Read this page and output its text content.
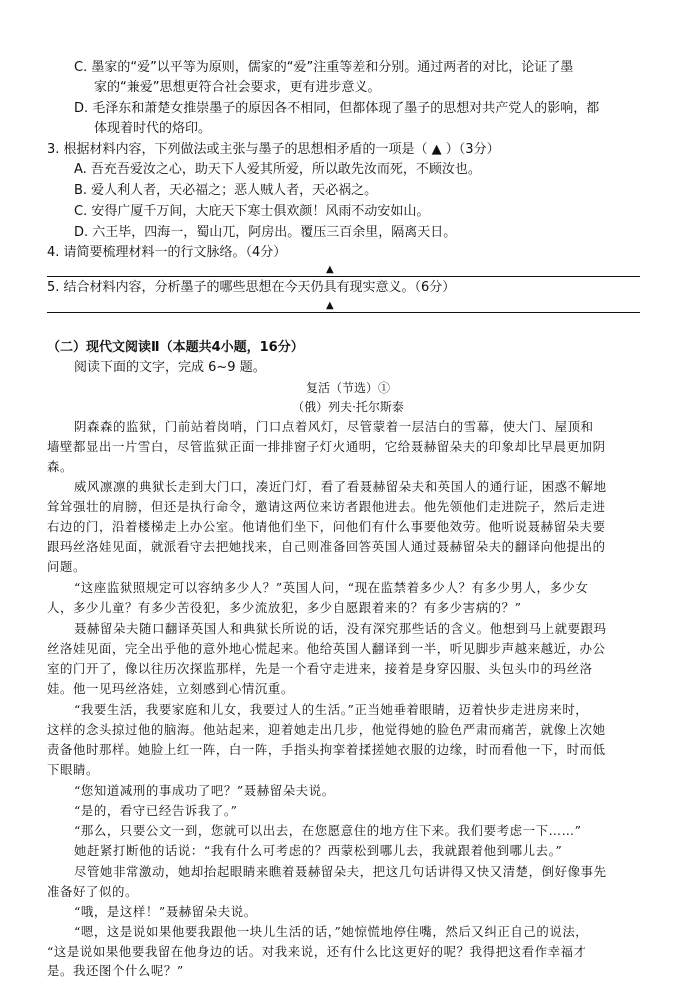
C. 墨家的“爱”以平等为原则，儒家的“爱”注重等差和分别。通过两者的对比，论证了墨
家的“兼爱”思想更符合社会要求，更有进步意义。
D. 毛泽东和萧楚女推崇墨子的原因各不相同，但都体现了墨子的思想对共产党人的影响，都
体现着时代的烙印。
3. 根据材料内容，下列做法或主张与墨子的思想相矛盾的一项是（ ▲ ）（3分）
A. 吾充吾爱汝之心，助天下人爱其所爱，所以敢先汝而死，不顾汝也。
B. 爱人利人者，天必福之；恶人贼人者，天必祸之。
C. 安得广厦千万间，大庇天下寒士俱欢颜！风雨不动安如山。
D. 六王毕，四海一，蜀山兀，阿房出。覆压三百余里，隔离天日。
4. 请简要梳理材料一的行文脉络。（4分）
▲
5. 结合材料内容，分析墨子的哪些思想在今天仍具有现实意义。（6分）
▲
（二）现代文阅读Ⅱ（本题共4小题，16分）
阅读下面的文字，完成 6~9 题。
复活（节选）①
（俄）列夫·托尔斯泰
阴森森的监狱，门前站着岗哨，门口点着风灯，尽管蒙着一层洁白的雪幕，使大门、屋顶和
墙壁都显出一片雪白，尽管监狱正面一排排窗子灯火通明，它给聂赫留朵夫的印象却比早晨更加阴
森。
威风凛凛的典狱长走到大门口，凑近门灯，看了看聂赫留朵夫和英国人的通行证，困惑不解地
耸耸强壮的肩膀，但还是执行命令，邀请这两位来访者跟他进去。他先领他们走进院子，然后走进
右边的门，沿着楼梯走上办公室。他请他们坐下，问他们有什么事要他效劳。他听说聂赫留朵夫要
跟玛丝洛娃见面，就派看守去把她找来，自己则准备回答英国人通过聂赫留朵夫的翻译向他提出的
问题。
“这座监狱照规定可以容纳多少人？”英国人问，“现在监禁着多少人？有多少男人，多少女
人，多少儿童？有多少苦役犯，多少流放犯，多少自愿跟着来的？有多少害病的？”
聂赫留朵夫随口翻译英国人和典狱长所说的话，没有深究那些话的含义。他想到马上就要跟玛
丝洛娃见面，完全出乎他的意外地心慌起来。他给英国人翻译到一半，听见脚步声越来越近，办公
室的门开了，像以往历次探监那样，先是一个看守走进来，接着是身穿囚服、头包头巾的玛丝洛
娃。他一见玛丝洛娃，立刻感到心情沉重。
“我要生活，我要家庭和儿女，我要过人的生活。”正当她垂着眼睛，迈着快步走进房来时，
这样的念头掠过他的脑海。他站起来，迎着她走出几步，他觉得她的脸色严肃而痛苦，就像上次她
责备他时那样。她脸上红一阵，白一阵，手指头拘挛着揉搓她衣服的边缘，时而看他一下，时而低
下眼睛。
“您知道减刑的事成功了吧？”聂赫留朵夫说。
“是的，看守已经告诉我了。”
“那么，只要公文一到，您就可以出去，在您愿意住的地方住下来。我们要考虑一下……”
她赶紧打断他的话说：“我有什么可考虑的？西蒙松到哪儿去，我就跟着他到哪儿去。”
尽管她非常激动，她却抬起眼睛来瞧着聂赫留朵夫，把这几句话讲得又快又清楚，倒好像事先
准备好了似的。
“哦，是这样！”聂赫留朵夫说。
“嗯，这是说如果他要我跟他一块儿生活的话，”她惊慌地停住嘴，然后又纠正自己的说法，
“这是说如果他要我留在他身边的话。对我来说，还有什么比这更好的呢？我得把这看作幸福才
是。我还图个什么呢？”
